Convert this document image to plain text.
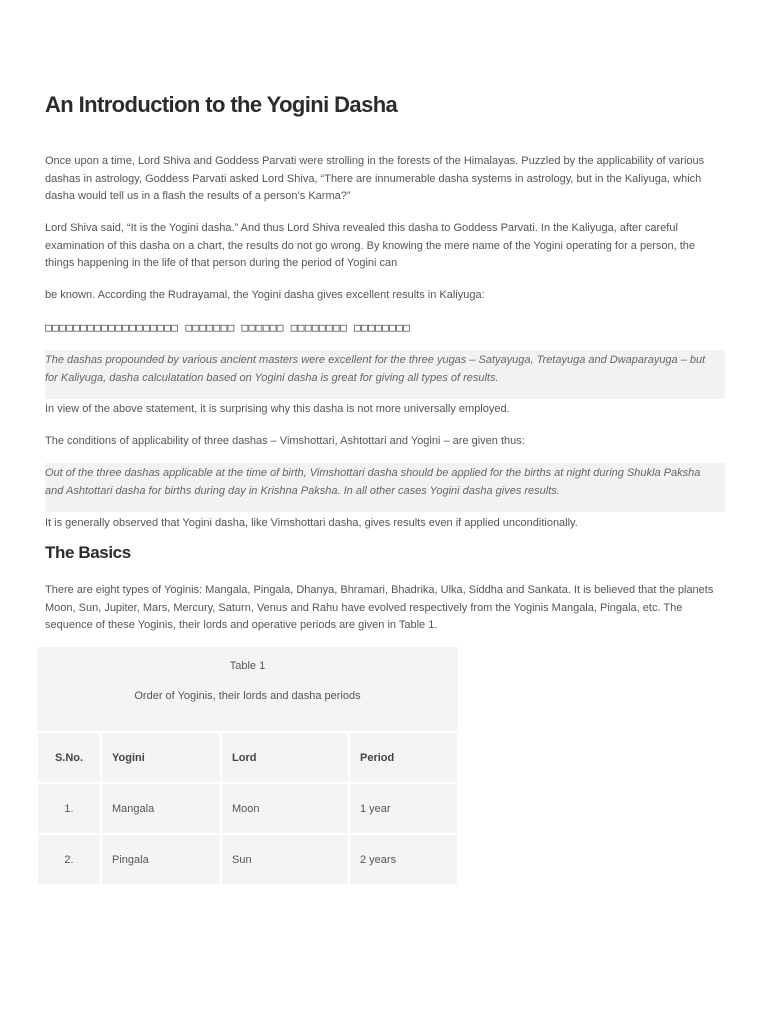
An Introduction to the Yogini Dasha

Once upon a time, Lord Shiva and Goddess Parvati were strolling in the forests of the Himalayas. Puzzled by the applicability of various dashas in astrology, Goddess Parvati asked Lord Shiva, “There are innumerable dasha systems in astrology, but in the Kaliyuga, which dasha would tell us in a flash the results of a person’s Karma?”

Lord Shiva said, “It is the Yogini dasha.” And thus Lord Shiva revealed this dasha to Goddess Parvati. In the Kaliyuga, after careful examination of this dasha on a chart, the results do not go wrong. By knowing the mere name of the Yogini operating for a person, the things happening in the life of that person during the period of Yogini can

be known. According the Rudrayamal, the Yogini dasha gives excellent results in Kaliyuga:

□□□□□□□□□□□□□□□□□□□ □□□□□□□ □□□□□□ □□□□□□□□ □□□□□□□□

The dashas propounded by various ancient masters were excellent for the three yugas – Satyayuga, Tretayuga and Dwaparayuga – but for Kaliyuga, dasha calculatation based on Yogini dasha is great for giving all types of results.

In view of the above statement, it is surprising why this dasha is not more universally employed.

The conditions of applicability of three dashas – Vimshottari, Ashtottari and Yogini – are given thus:

Out of the three dashas applicable at the time of birth, Vimshottari dasha should be applied for the births at night during Shukla Paksha and Ashtottari dasha for births during day in Krishna Paksha. In all other cases Yogini dasha gives results.

It is generally observed that Yogini dasha, like Vimshottari dasha, gives results even if applied unconditionally.

The Basics

There are eight types of Yoginis: Mangala, Pingala, Dhanya, Bhramari, Bhadrika, Ulka, Siddha and Sankata. It is believed that the planets Moon, Sun, Jupiter, Mars, Mercury, Saturn, Venus and Rahu have evolved respectively from the Yoginis Mangala, Pingala, etc. The sequence of these Yoginis, their lords and operative periods are given in Table 1.

Table 1
Order of Yoginis, their lords and dasha periods			

S.No.	Yogini	Lord	Period
1.	Mangala	Moon	1 year
2.	Pingala	Sun	2 years
